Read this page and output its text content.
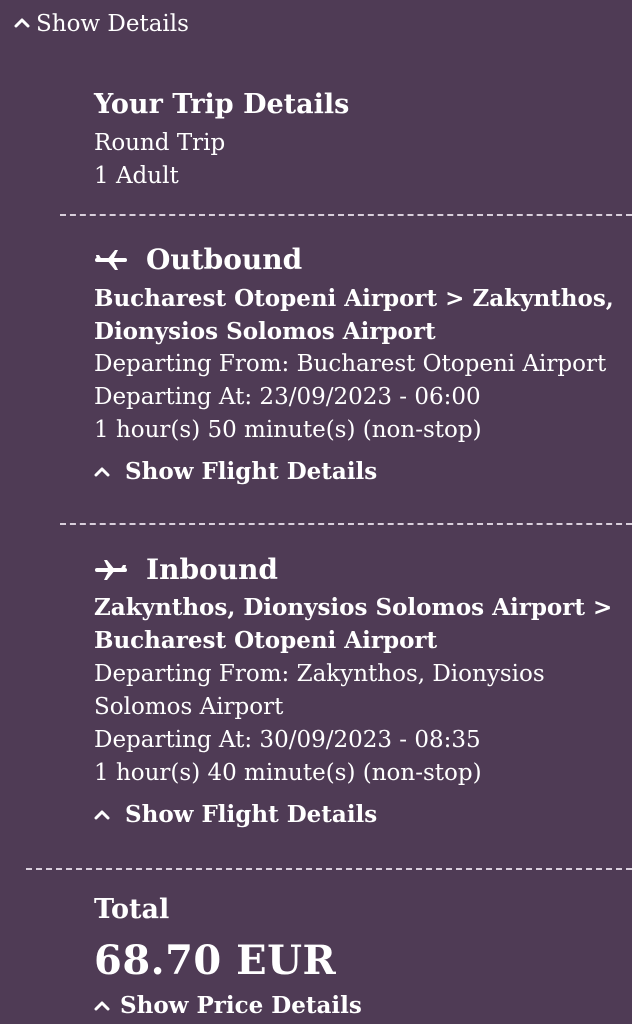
Show Details
Your Trip Details
Round Trip
1 Adult
Outbound
Bucharest Otopeni Airport > Zakynthos,
Dionysios Solomos Airport
Departing From: Bucharest Otopeni Airport
Departing At: 23/09/2023 - 06:00
1 hour(s) 50 minute(s) (non-stop)
Show Flight Details
Inbound
Zakynthos, Dionysios Solomos Airport >
Bucharest Otopeni Airport
Departing From: Zakynthos, Dionysios
Solomos Airport
Departing At: 30/09/2023 - 08:35
1 hour(s) 40 minute(s) (non-stop)
Show Flight Details
Total
68.70 EUR
Show Price Details
